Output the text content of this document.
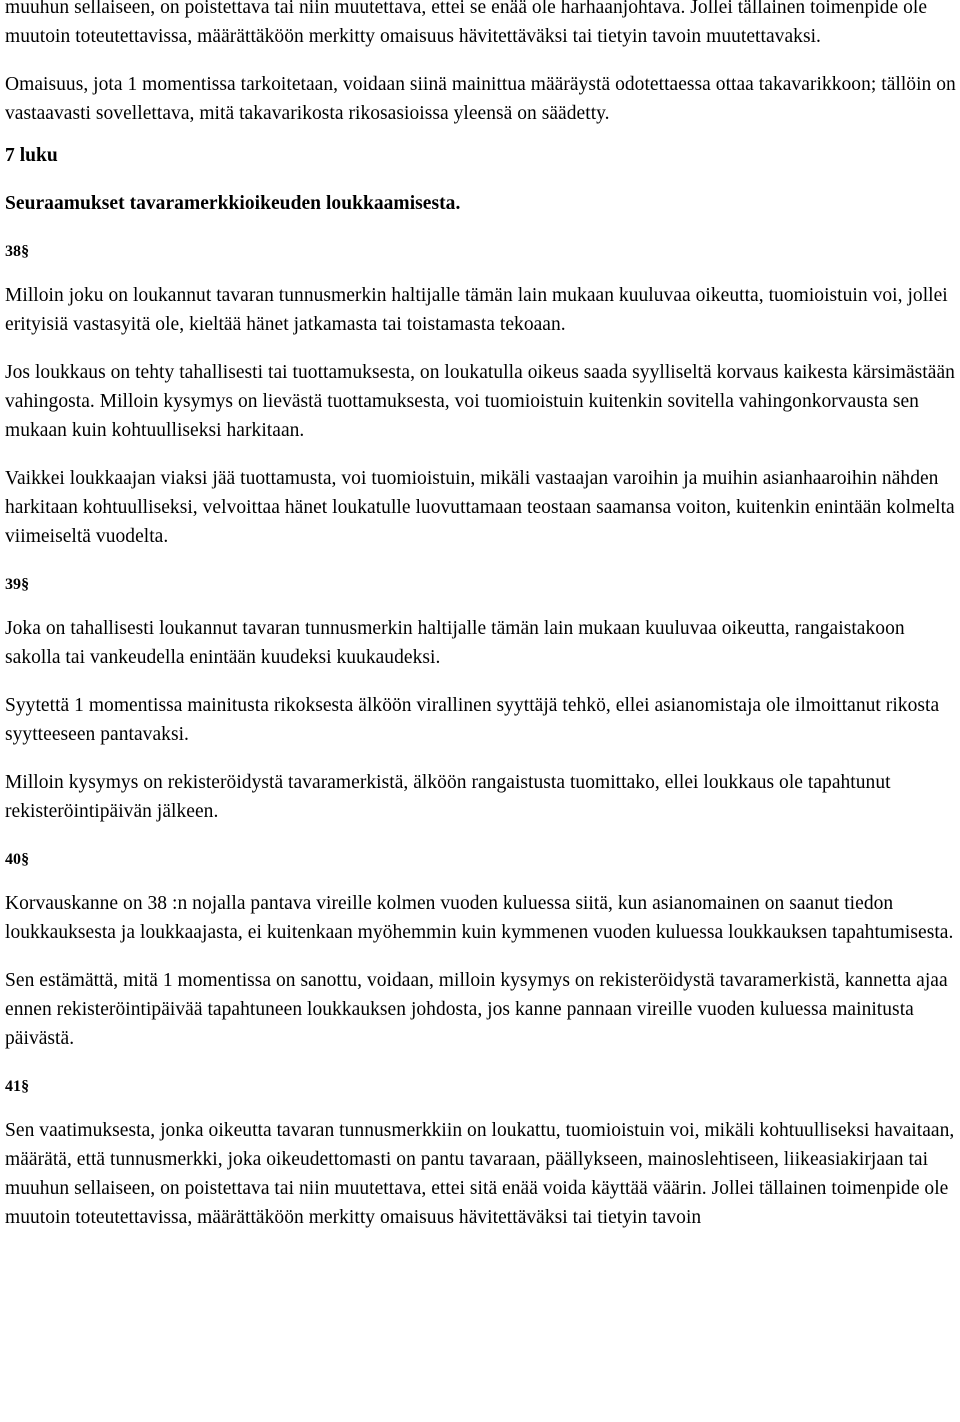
muuhun sellaiseen, on poistettava tai niin muutettava, ettei se enää ole harhaanjohtava. Jollei tällainen toimenpide ole muutoin toteutettavissa, määrättäköön merkitty omaisuus hävitettäväksi tai tietyin tavoin muutettavaksi.

Omaisuus, jota 1 momentissa tarkoitetaan, voidaan siinä mainittua määräystä odotettaessa ottaa takavarikkoon; tällöin on vastaavasti sovellettava, mitä takavarikosta rikosasioissa yleensä on säädetty.

7 luku

Seuraamukset tavaramerkkioikeuden loukkaamisesta.

38§

Milloin joku on loukannut tavaran tunnusmerkin haltijalle tämän lain mukaan kuuluvaa oikeutta, tuomioistuin voi, jollei erityisiä vastasyitä ole, kieltää hänet jatkamasta tai toistamasta tekoaan.

Jos loukkaus on tehty tahallisesti tai tuottamuksesta, on loukatulla oikeus saada syylliseltä korvaus kaikesta kärsimästään vahingosta. Milloin kysymys on lievästä tuottamuksesta, voi tuomioistuin kuitenkin sovitella vahingonkorvausta sen mukaan kuin kohtuulliseksi harkitaan.

Vaikkei loukkaajan viaksi jää tuottamusta, voi tuomioistuin, mikäli vastaajan varoihin ja muihin asianhaaroihin nähden harkitaan kohtuulliseksi, velvoittaa hänet loukatulle luovuttamaan teostaan saamansa voiton, kuitenkin enintään kolmelta viimeiseltä vuodelta.

39§

Joka on tahallisesti loukannut tavaran tunnusmerkin haltijalle tämän lain mukaan kuuluvaa oikeutta, rangaistakoon sakolla tai vankeudella enintään kuudeksi kuukaudeksi.

Syytettä 1 momentissa mainitusta rikoksesta älköön virallinen syyttäjä tehkö, ellei asianomistaja ole ilmoittanut rikosta syytteeseen pantavaksi.

Milloin kysymys on rekisteröidystä tavaramerkistä, älköön rangaistusta tuomittako, ellei loukkaus ole tapahtunut rekisteröintipäivän jälkeen.

40§

Korvauskanne on 38 :n nojalla pantava vireille kolmen vuoden kuluessa siitä, kun asianomainen on saanut tiedon loukkauksesta ja loukkaajasta, ei kuitenkaan myöhemmin kuin kymmenen vuoden kuluessa loukkauksen tapahtumisesta.

Sen estämättä, mitä 1 momentissa on sanottu, voidaan, milloin kysymys on rekisteröidystä tavaramerkistä, kannetta ajaa ennen rekisteröintipäivää tapahtuneen loukkauksen johdosta, jos kanne pannaan vireille vuoden kuluessa mainitusta päivästä.

41§

Sen vaatimuksesta, jonka oikeutta tavaran tunnusmerkkiin on loukattu, tuomioistuin voi, mikäli kohtuulliseksi havaitaan, määrätä, että tunnusmerkki, joka oikeudettomasti on pantu tavaraan, päällykseen, mainoslehtiseen, liikeasiakirjaan tai muuhun sellaiseen, on poistettava tai niin muutettava, ettei sitä enää voida käyttää väärin. Jollei tällainen toimenpide ole muutoin toteutettavissa, määrättäköön merkitty omaisuus hävitettäväksi tai tietyin tavoin
